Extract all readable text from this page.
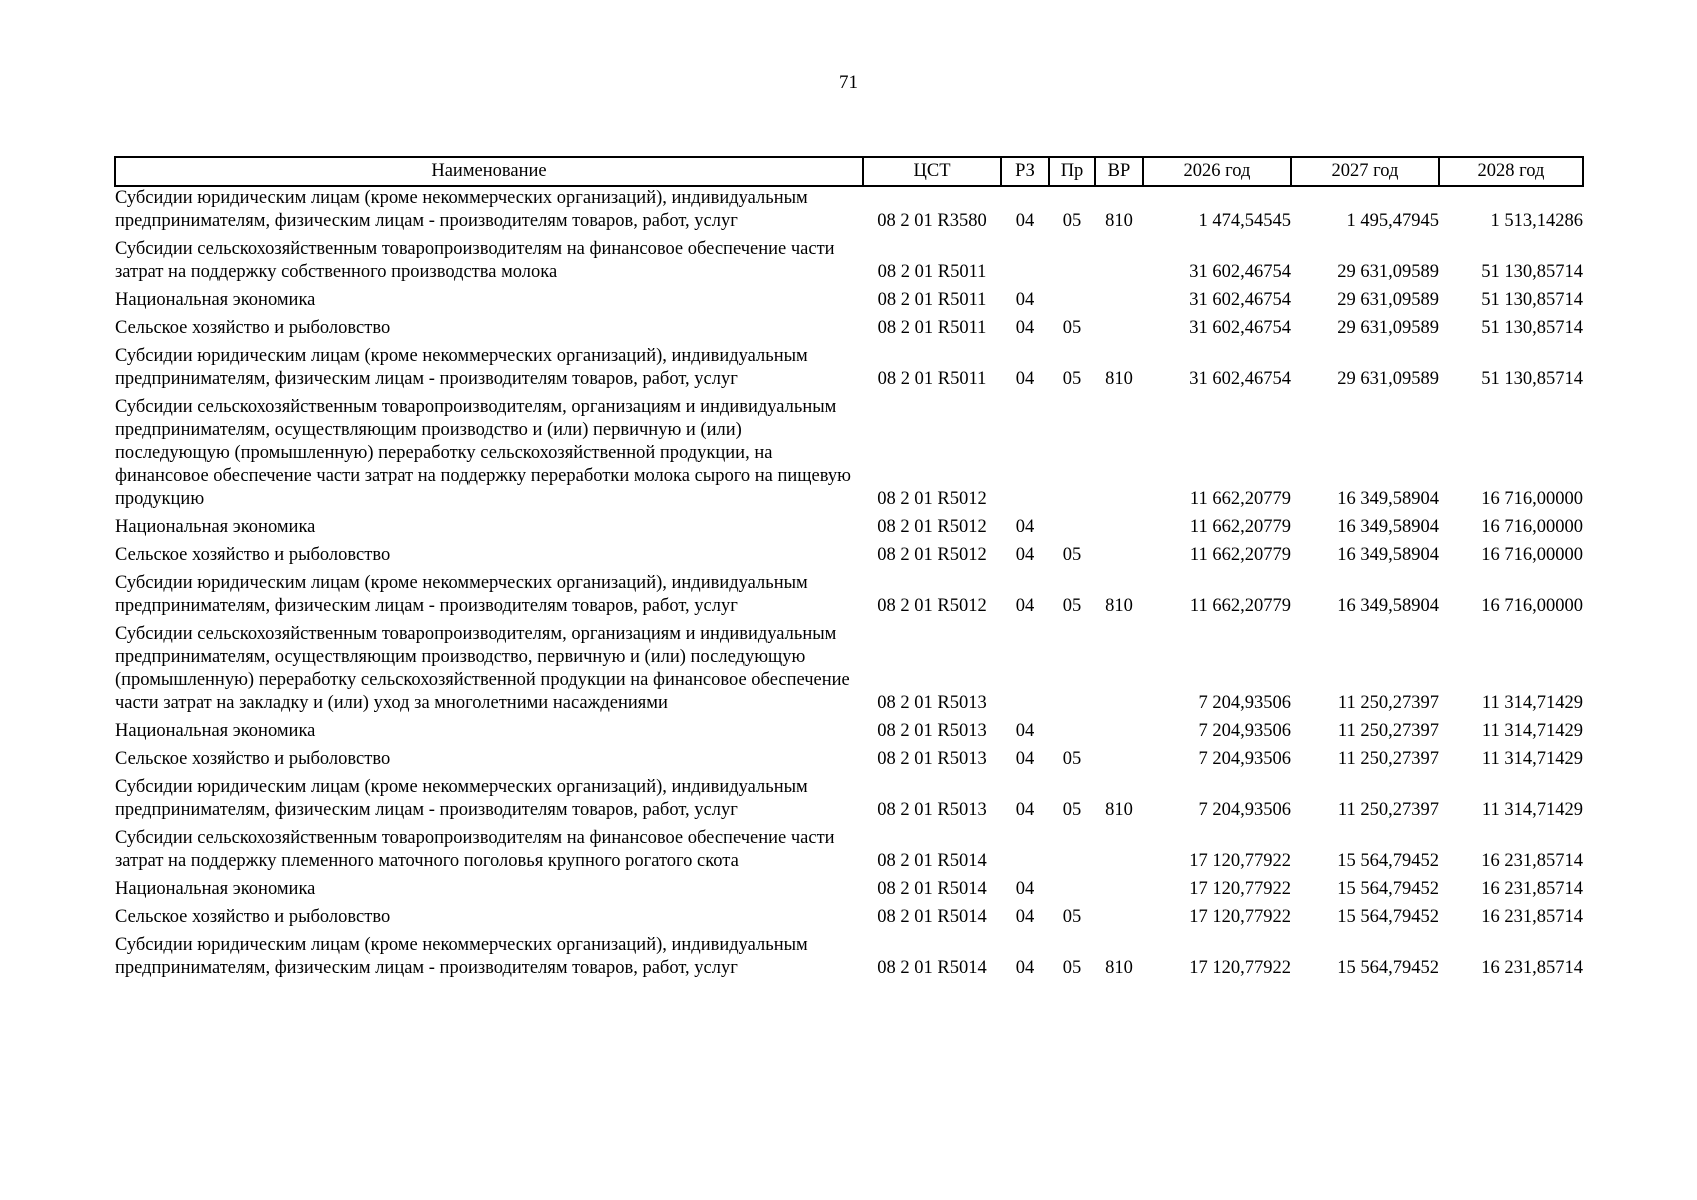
71
Наименование	ЦСТ	РЗ	Пр	ВР	2026 год	2027 год	2028 год
Субсидии юридическим лицам (кроме некоммерческих организаций), индивидуальным предпринимателям, физическим лицам - производителям товаров, работ, услуг	08 2 01 R3580	04	05	810	1 474,54545	1 495,47945	1 513,14286
Субсидии сельскохозяйственным товаропроизводителям на финансовое обеспечение части затрат на поддержку собственного производства молока	08 2 01 R5011				31 602,46754	29 631,09589	51 130,85714
Национальная экономика	08 2 01 R5011	04			31 602,46754	29 631,09589	51 130,85714
Сельское хозяйство и рыболовство	08 2 01 R5011	04	05		31 602,46754	29 631,09589	51 130,85714
Субсидии юридическим лицам (кроме некоммерческих организаций), индивидуальным предпринимателям, физическим лицам - производителям товаров, работ, услуг	08 2 01 R5011	04	05	810	31 602,46754	29 631,09589	51 130,85714
Субсидии сельскохозяйственным товаропроизводителям, организациям и индивидуальным предпринимателям, осуществляющим производство и (или) первичную и (или) последующую (промышленную) переработку сельскохозяйственной продукции, на финансовое обеспечение части затрат на поддержку переработки молока сырого на пищевую продукцию	08 2 01 R5012				11 662,20779	16 349,58904	16 716,00000
Национальная экономика	08 2 01 R5012	04			11 662,20779	16 349,58904	16 716,00000
Сельское хозяйство и рыболовство	08 2 01 R5012	04	05		11 662,20779	16 349,58904	16 716,00000
Субсидии юридическим лицам (кроме некоммерческих организаций), индивидуальным предпринимателям, физическим лицам - производителям товаров, работ, услуг	08 2 01 R5012	04	05	810	11 662,20779	16 349,58904	16 716,00000
Субсидии сельскохозяйственным товаропроизводителям, организациям и индивидуальным предпринимателям, осуществляющим производство, первичную и (или) последующую (промышленную) переработку сельскохозяйственной продукции на финансовое обеспечение части затрат на закладку и (или) уход за многолетними насаждениями	08 2 01 R5013				7 204,93506	11 250,27397	11 314,71429
Национальная экономика	08 2 01 R5013	04			7 204,93506	11 250,27397	11 314,71429
Сельское хозяйство и рыболовство	08 2 01 R5013	04	05		7 204,93506	11 250,27397	11 314,71429
Субсидии юридическим лицам (кроме некоммерческих организаций), индивидуальным предпринимателям, физическим лицам - производителям товаров, работ, услуг	08 2 01 R5013	04	05	810	7 204,93506	11 250,27397	11 314,71429
Субсидии сельскохозяйственным товаропроизводителям на финансовое обеспечение части затрат на поддержку племенного маточного поголовья крупного рогатого скота	08 2 01 R5014				17 120,77922	15 564,79452	16 231,85714
Национальная экономика	08 2 01 R5014	04			17 120,77922	15 564,79452	16 231,85714
Сельское хозяйство и рыболовство	08 2 01 R5014	04	05		17 120,77922	15 564,79452	16 231,85714
Субсидии юридическим лицам (кроме некоммерческих организаций), индивидуальным предпринимателям, физическим лицам - производителям товаров, работ, услуг	08 2 01 R5014	04	05	810	17 120,77922	15 564,79452	16 231,85714
